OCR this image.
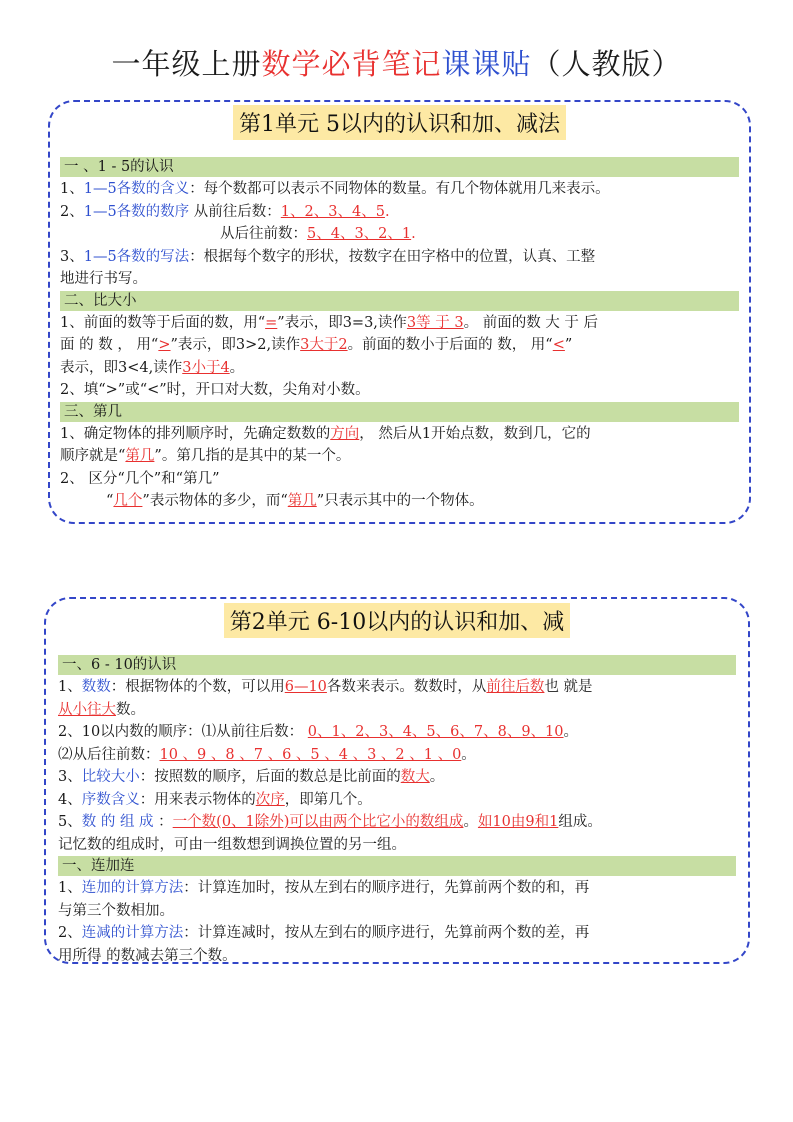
一年级上册数学必背笔记课课贴（人教版）
第1单元 5以内的认识和加、减法
一 、1 - 5的认识
1、1—5各数的含义：每个数都可以表示不同物体的数量。有几个物体就用几来表示。
2、1—5各数的数序 从前往后数：1、2、3、4、5.
从后往前数：5、4、3、2、1.
3、1—5各数的写法：根据每个数字的形状，按数字在田字格中的位置，认真、工整
地进行书写。
二、比大小
1、前面的数等于后面的数，用“=”表示，即3=3,读作3等 于 3。 前面的数 大 于 后
面 的 数 ， 用“>”表示，即3>2,读作3大于2。前面的数小于后面的 数， 用“<”
表示，即3<4,读作3小于4。
2、填“>”或“<”时，开口对大数，尖角对小数。
三、第几
1、确定物体的排列顺序时，先确定数数的方向， 然后从1开始点数，数到几，它的
顺序就是“第几”。第几指的是其中的某一个。
2、 区分“几个”和“第几”
“几个”表示物体的多少，而“第几”只表示其中的一个物体。
第2单元 6-10以内的认识和加、减
一、6 - 10的认识
1、数数：根据物体的个数，可以用6—10各数来表示。数数时，从前往后数也 就是
从小往大数。
2、10以内数的顺序：⑴从前往后数： 0、1、2、3、4、5、6、7、8、9、10。
⑵从后往前数：10 、9 、8 、7 、6 、5 、4 、3 、2 、1 、0。
3、比较大小：按照数的顺序，后面的数总是比前面的数大。
4、序数含义：用来表示物体的次序，即第几个。
5、数 的 组 成 ：一个数(0、1除外)可以由两个比它小的数组成。如10由9和1组成。
记忆数的组成时，可由一组数想到调换位置的另一组。
一、连加连
1、连加的计算方法：计算连加时，按从左到右的顺序进行，先算前两个数的和，再
与第三个数相加。
2、连减的计算方法：计算连减时，按从左到右的顺序进行，先算前两个数的差，再
用所得 的数减去第三个数。
